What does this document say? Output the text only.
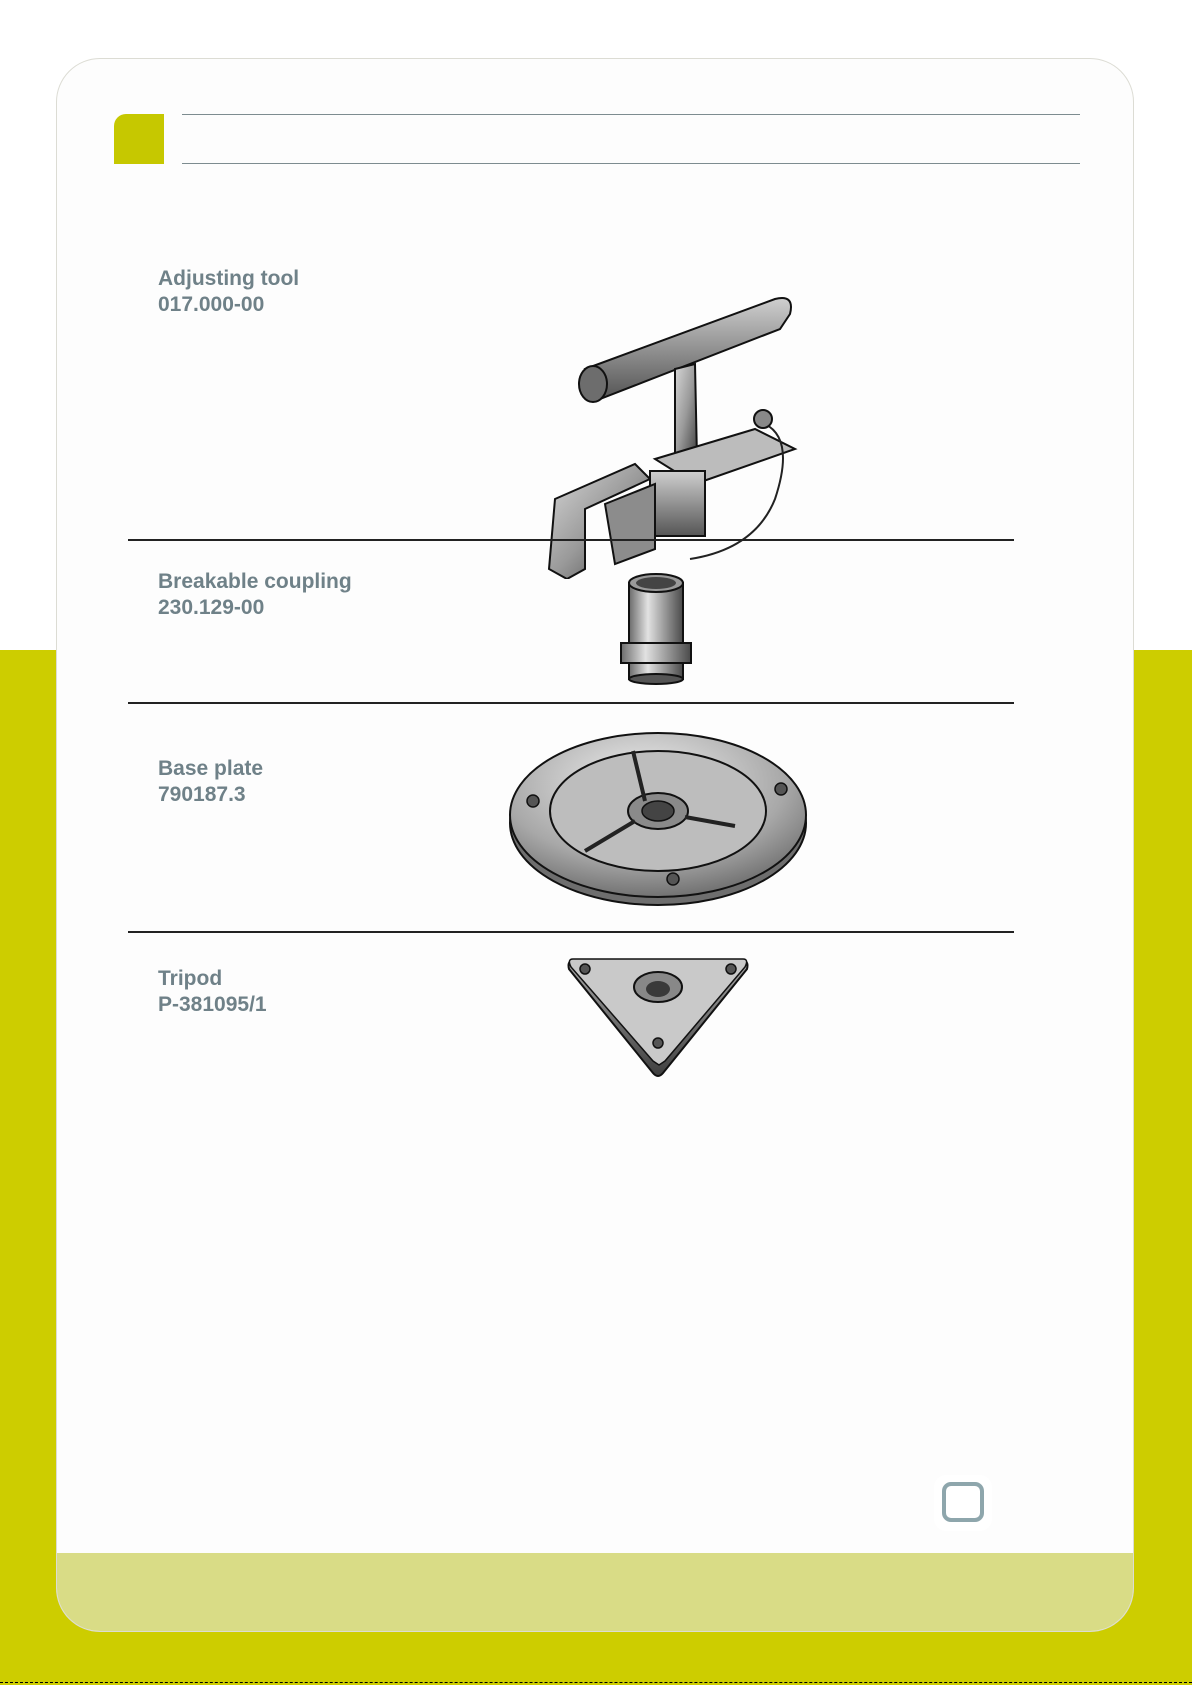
Adjusting tool
017.000-00
Breakable coupling
230.129-00
Base plate
790187.3
Tripod
P-381095/1
